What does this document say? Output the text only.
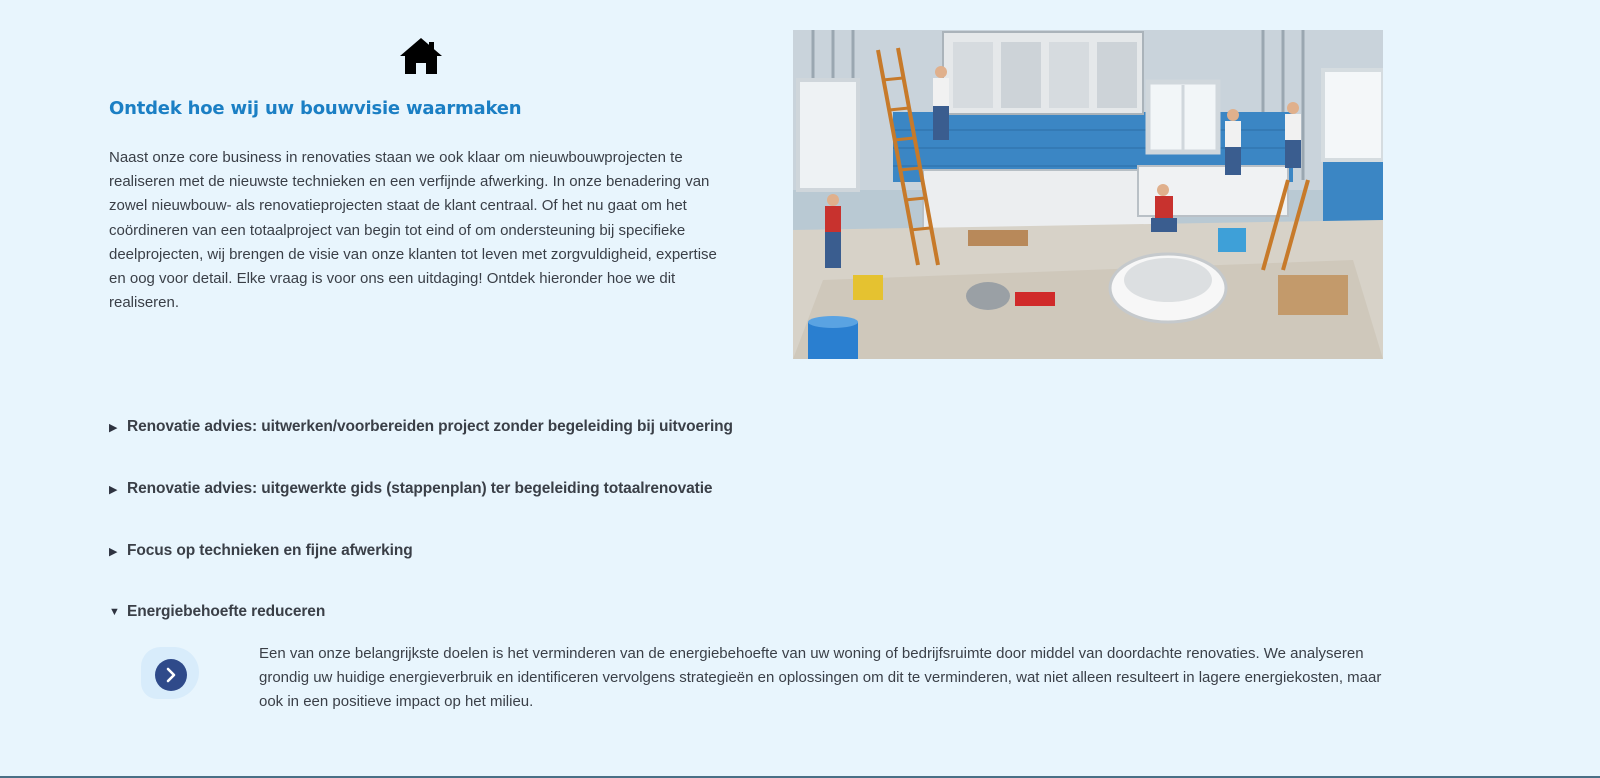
Ontdek hoe wij uw bouwvisie waarmaken

Naast onze core business in renovaties staan we ook klaar om nieuwbouwprojecten te realiseren met de nieuwste technieken en een verfijnde afwerking. In onze benadering van zowel nieuwbouw- als renovatieprojecten staat de klant centraal. Of het nu gaat om het coördineren van een totaalproject van begin tot eind of om ondersteuning bij specifieke deelprojecten, wij brengen de visie van onze klanten tot leven met zorgvuldigheid, expertise en oog voor detail. Elke vraag is voor ons een uitdaging! Ontdek hieronder hoe we dit realiseren.

▶ Renovatie advies: uitwerken/voorbereiden project zonder begeleiding bij uitvoering
▶ Renovatie advies: uitgewerkte gids (stappenplan) ter begeleiding totaalrenovatie
▶ Focus op technieken en fijne afwerking
▼ Energiebehoefte reduceren

Een van onze belangrijkste doelen is het verminderen van de energiebehoefte van uw woning of bedrijfsruimte door middel van doordachte renovaties. We analyseren grondig uw huidige energieverbruik en identificeren vervolgens strategieën en oplossingen om dit te verminderen, wat niet alleen resulteert in lagere energiekosten, maar ook in een positieve impact op het milieu.
